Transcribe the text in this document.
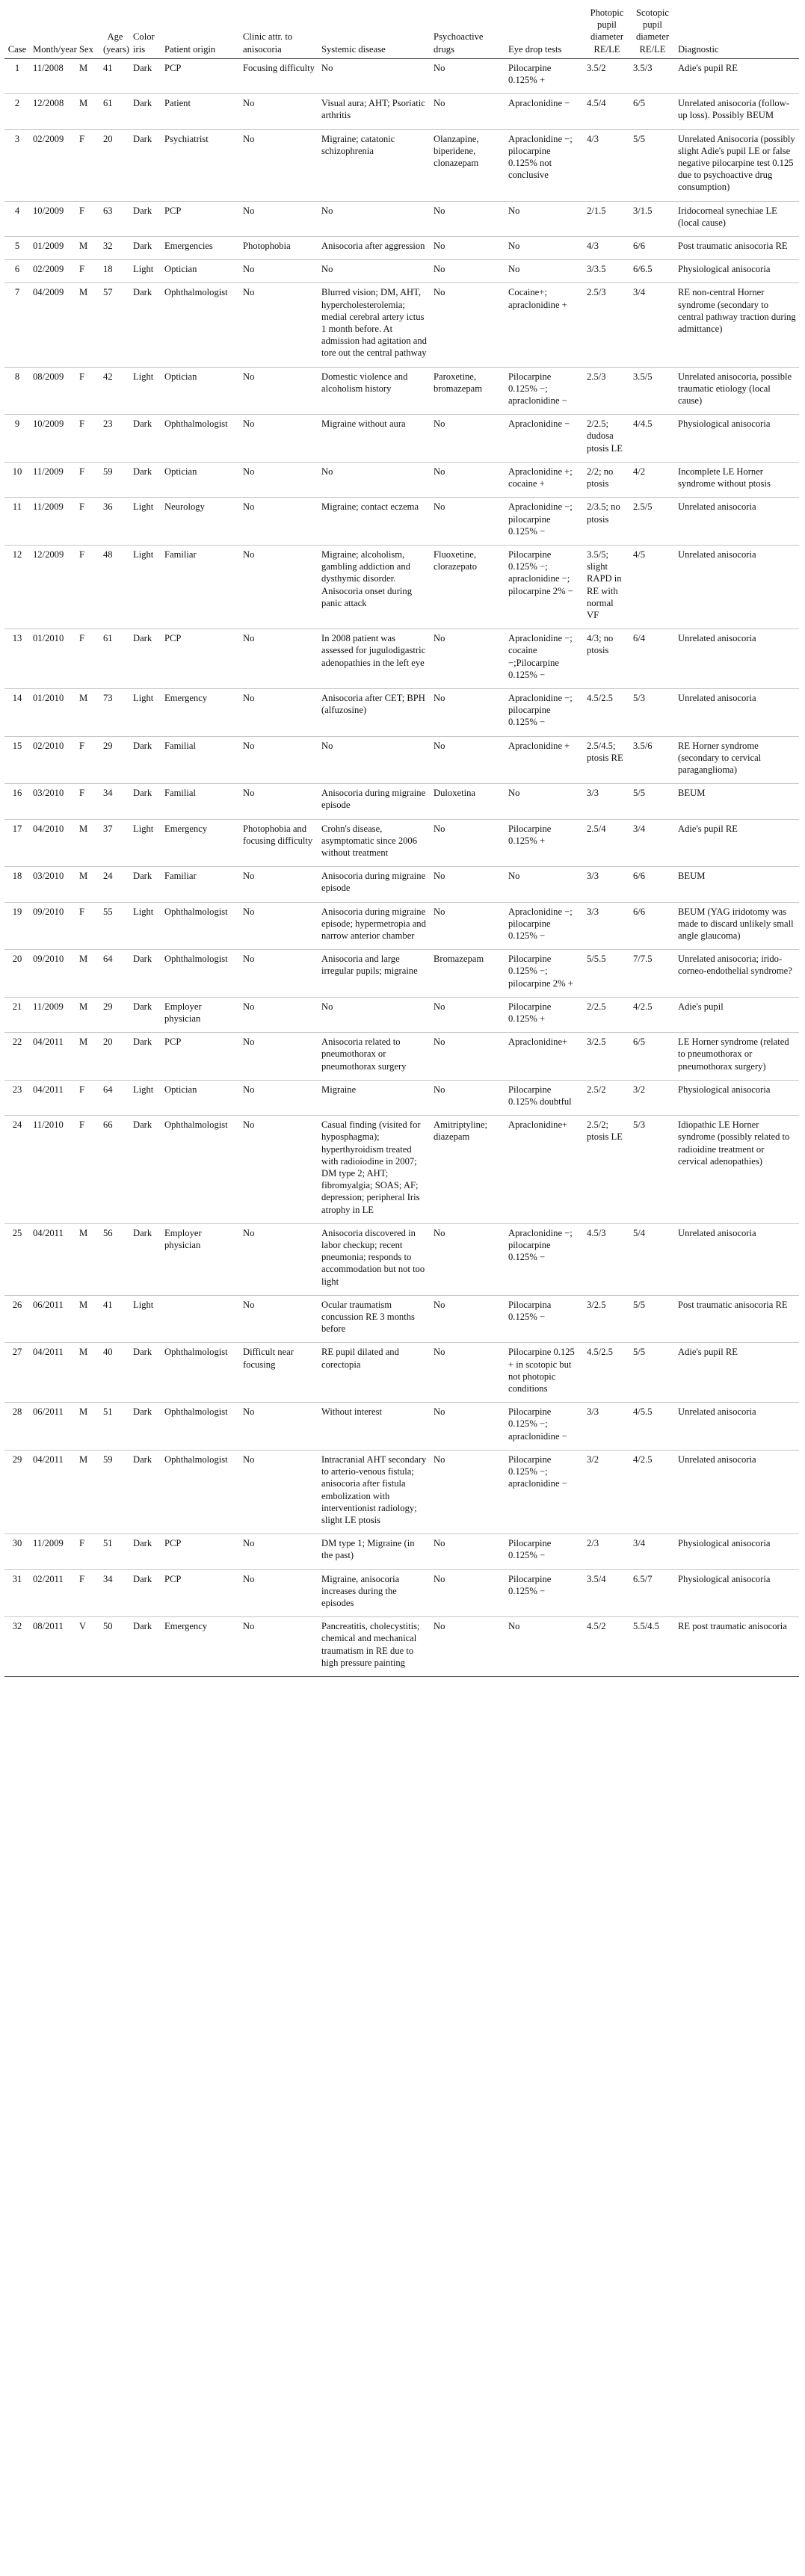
Case	Month/year	Sex	Age (years)	Color iris	Patient origin	Clinic attr. to anisocoria	Systemic disease	Psychoactive drugs	Eye drop tests	Photopic pupil diameter RE/LE	Scotopic pupil diameter RE/LE	Diagnostic
1	11/2008	M	41	Dark	PCP	Focusing difficulty	No	No	Pilocarpine 0.125% +	3.5/2	3.5/3	Adie's pupil RE
2	12/2008	M	61	Dark	Patient	No	Visual aura; AHT; Psoriatic arthritis	No	Apraclonidine −	4.5/4	6/5	Unrelated anisocoria (follow-up loss). Possibly BEUM
3	02/2009	F	20	Dark	Psychiatrist	No	Migraine; catatonic schizophrenia	Olanzapine, biperidene, clonazepam	Apraclonidine −; pilocarpine 0.125% not conclusive	4/3	5/5	Unrelated Anisocoria (possibly slight Adie's pupil LE or false negative pilocarpine test 0.125 due to psychoactive drug consumption)
4	10/2009	F	63	Dark	PCP	No	No	No	No	2/1.5	3/1.5	Iridocorneal synechiae LE (local cause)
5	01/2009	M	32	Dark	Emergencies	Photophobia	Anisocoria after aggression	No	No	4/3	6/6	Post traumatic anisocoria RE
6	02/2009	F	18	Light	Optician	No	No	No	No	3/3.5	6/6.5	Physiological anisocoria
7	04/2009	M	57	Dark	Ophthalmologist	No	Blurred vision; DM, AHT, hypercholesterolemia; medial cerebral artery ictus 1 month before. At admission had agitation and tore out the central pathway	No	Cocaine+; apraclonidine +	2.5/3	3/4	RE non-central Horner syndrome (secondary to central pathway traction during admittance)
8	08/2009	F	42	Light	Optician	No	Domestic violence and alcoholism history	Paroxetine, bromazepam	Pilocarpine 0.125% −; apraclonidine −	2.5/3	3.5/5	Unrelated anisocoria, possible traumatic etiology (local cause)
9	10/2009	F	23	Dark	Ophthalmologist	No	Migraine without aura	No	Apraclonidine −	2/2.5; dudosa ptosis LE	4/4.5	Physiological anisocoria
10	11/2009	F	59	Dark	Optician	No	No	No	Apraclonidine +; cocaine +	2/2; no ptosis	4/2	Incomplete LE Horner syndrome without ptosis
11	11/2009	F	36	Light	Neurology	No	Migraine; contact eczema	No	Apraclonidine −; pilocarpine 0.125% −	2/3.5; no ptosis	2.5/5	Unrelated anisocoria
12	12/2009	F	48	Light	Familiar	No	Migraine; alcoholism, gambling addiction and dysthymic disorder. Anisocoria onset during panic attack	Fluoxetine, clorazepato	Pilocarpine 0.125% −; apraclonidine −; pilocarpine 2% −	3.5/5; slight RAPD in RE with normal VF	4/5	Unrelated anisocoria
13	01/2010	F	61	Dark	PCP	No	In 2008 patient was assessed for jugulodigastric adenopathies in the left eye	No	Apraclonidine −; cocaine −;Pilocarpine 0.125% −	4/3; no ptosis	6/4	Unrelated anisocoria
14	01/2010	M	73	Light	Emergency	No	Anisocoria after CET; BPH (alfuzosine)	No	Apraclonidine −; pilocarpine 0.125% −	4.5/2.5	5/3	Unrelated anisocoria
15	02/2010	F	29	Dark	Familial	No	No	No	Apraclonidine +	2.5/4.5; ptosis RE	3.5/6	RE Horner syndrome (secondary to cervical paraganglioma)
16	03/2010	F	34	Dark	Familial	No	Anisocoria during migraine episode	Duloxetina	No	3/3	5/5	BEUM
17	04/2010	M	37	Light	Emergency	Photophobia and focusing difficulty	Crohn's disease, asymptomatic since 2006 without treatment	No	Pilocarpine 0.125% +	2.5/4	3/4	Adie's pupil RE
18	03/2010	M	24	Dark	Familiar	No	Anisocoria during migraine episode	No	No	3/3	6/6	BEUM
19	09/2010	F	55	Light	Ophthalmologist	No	Anisocoria during migraine episode; hypermetropia and narrow anterior chamber	No	Apraclonidine −; pilocarpine 0.125% −	3/3	6/6	BEUM (YAG iridotomy was made to discard unlikely small angle glaucoma)
20	09/2010	M	64	Dark	Ophthalmologist	No	Anisocoria and large irregular pupils; migraine	Bromazepam	Pilocarpine 0.125% −; pilocarpine 2% +	5/5.5	7/7.5	Unrelated anisocoria; irido-corneo-endothelial syndrome?
21	11/2009	M	29	Dark	Employer physician	No	No	No	Pilocarpine 0.125% +	2/2.5	4/2.5	Adie's pupil
22	04/2011	M	20	Dark	PCP	No	Anisocoria related to pneumothorax or pneumothorax surgery	No	Apraclonidine+	3/2.5	6/5	LE Horner syndrome (related to pneumothorax or pneumothorax surgery)
23	04/2011	F	64	Light	Optician	No	Migraine	No	Pilocarpine 0.125% doubtful	2.5/2	3/2	Physiological anisocoria
24	11/2010	F	66	Dark	Ophthalmologist	No	Casual finding (visited for hyposphagma); hyperthyroidism treated with radioiodine in 2007; DM type 2; AHT; fibromyalgia; SOAS; AF; depression; peripheral Iris atrophy in LE	Amitriptyline; diazepam	Apraclonidine+	2.5/2; ptosis LE	5/3	Idiopathic LE Horner syndrome (possibly related to radioidine treatment or cervical adenopathies)
25	04/2011	M	56	Dark	Employer physician	No	Anisocoria discovered in labor checkup; recent pneumonia; responds to accommodation but not too light	No	Apraclonidine −; pilocarpine 0.125% −	4.5/3	5/4	Unrelated anisocoria
26	06/2011	M	41	Light		No	Ocular traumatism concussion RE 3 months before	No	Pilocarpina 0.125% −	3/2.5	5/5	Post traumatic anisocoria RE
27	04/2011	M	40	Dark	Ophthalmologist	Difficult near focusing	RE pupil dilated and corectopia	No	Pilocarpine 0.125 + in scotopic but not photopic conditions	4.5/2.5	5/5	Adie's pupil RE
28	06/2011	M	51	Dark	Ophthalmologist	No	Without interest	No	Pilocarpine 0.125% −; apraclonidine −	3/3	4/5.5	Unrelated anisocoria
29	04/2011	M	59	Dark	Ophthalmologist	No	Intracranial AHT secondary to arterio-venous fistula; anisocoria after fistula embolization with interventionist radiology; slight LE ptosis	No	Pilocarpine 0.125% −; apraclonidine −	3/2	4/2.5	Unrelated anisocoria
30	11/2009	F	51	Dark	PCP	No	DM type 1; Migraine (in the past)	No	Pilocarpine 0.125% −	2/3	3/4	Physiological anisocoria
31	02/2011	F	34	Dark	PCP	No	Migraine, anisocoria increases during the episodes	No	Pilocarpine 0.125% −	3.5/4	6.5/7	Physiological anisocoria
32	08/2011	V	50	Dark	Emergency	No	Pancreatitis, cholecystitis; chemical and mechanical traumatism in RE due to high pressure painting	No	No	4.5/2	5.5/4.5	RE post traumatic anisocoria
